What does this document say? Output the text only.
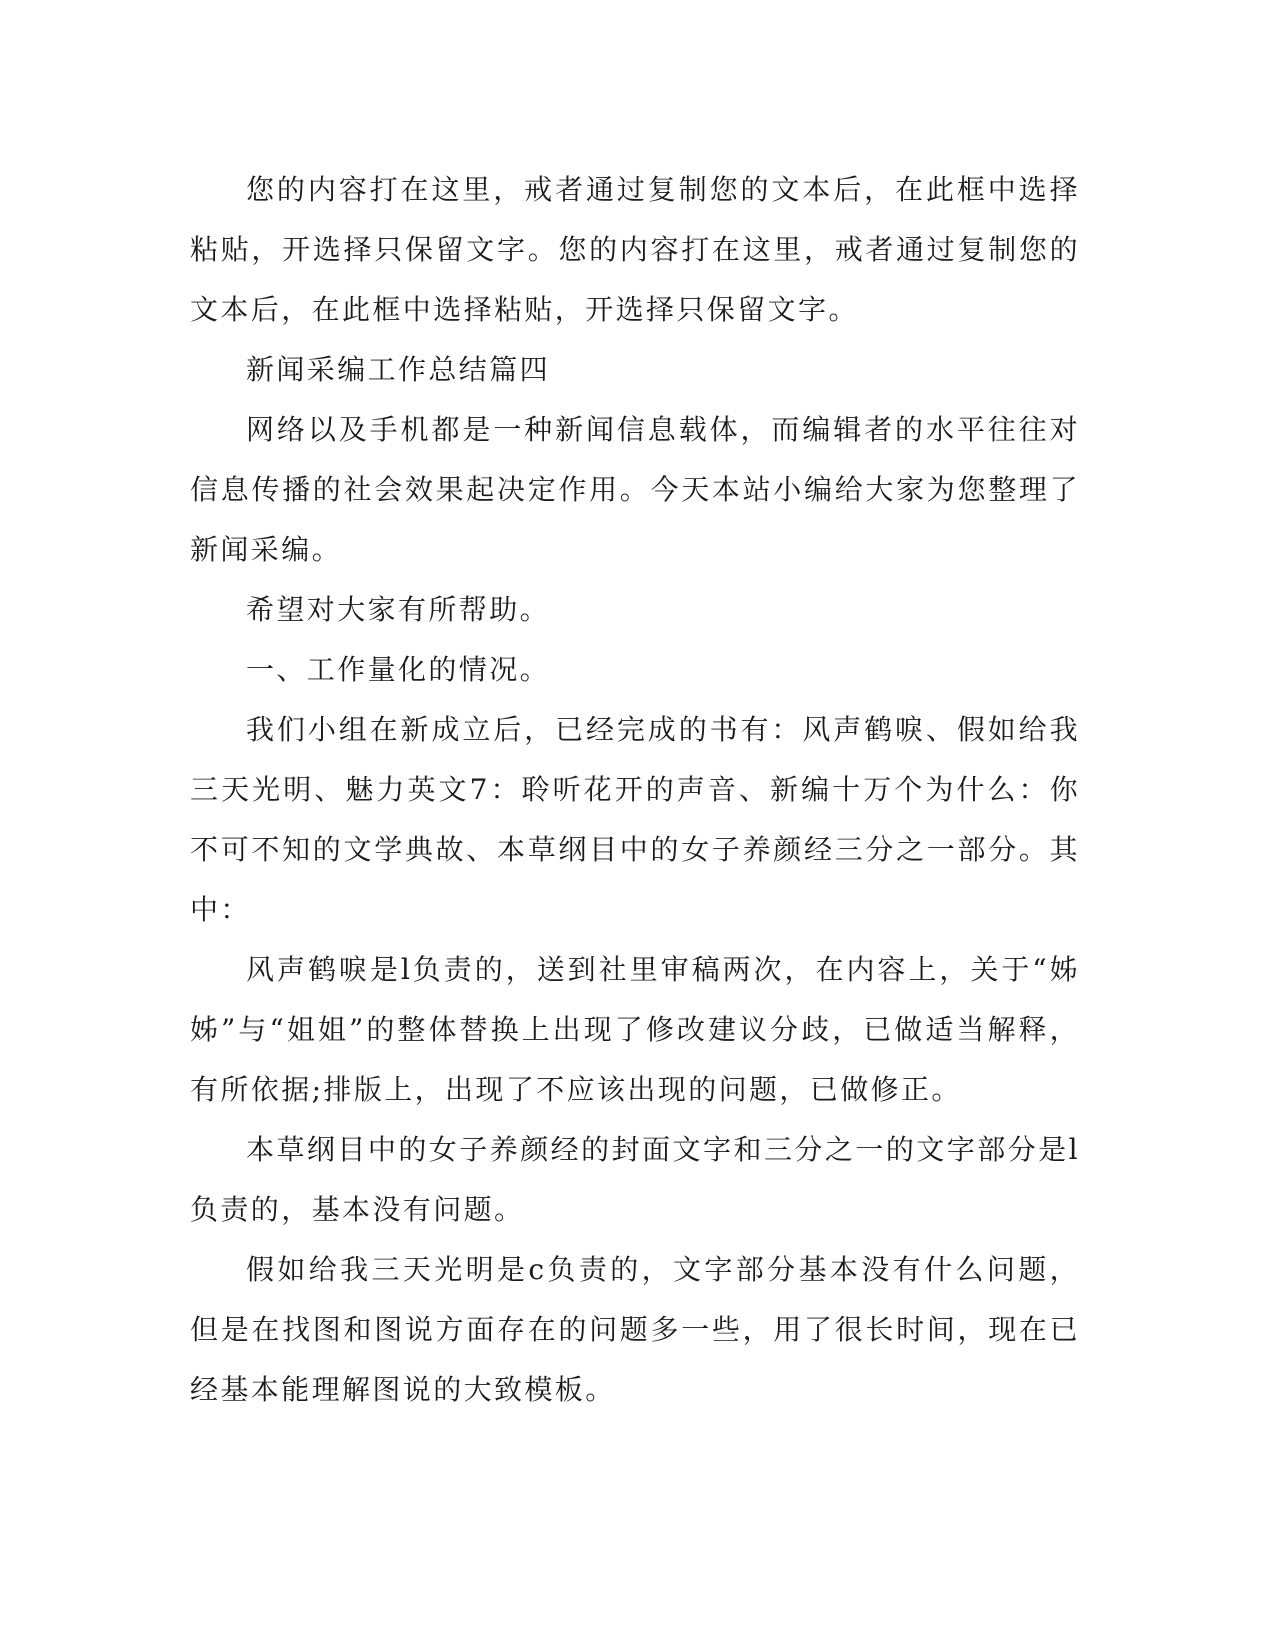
您的内容打在这里，戒者通过复制您的文本后，在此框中选择粘贴，开选择只保留文字。您的内容打在这里，戒者通过复制您的文本后，在此框中选择粘贴，开选择只保留文字。

新闻采编工作总结篇四

网络以及手机都是一种新闻信息载体，而编辑者的水平往往对信息传播的社会效果起决定作用。今天本站小编给大家为您整理了新闻采编。

希望对大家有所帮助。

一、工作量化的情况。

我们小组在新成立后，已经完成的书有：风声鹤唳、假如给我三天光明、魅力英文7：聆听花开的声音、新编十万个为什么：你不可不知的文学典故、本草纲目中的女子养颜经三分之一部分。其中：

风声鹤唳是l负责的，送到社里审稿两次，在内容上，关于“姊姊”与“姐姐”的整体替换上出现了修改建议分歧，已做适当解释，有所依据;排版上，出现了不应该出现的问题，已做修正。

本草纲目中的女子养颜经的封面文字和三分之一的文字部分是l负责的，基本没有问题。

假如给我三天光明是c负责的，文字部分基本没有什么问题，但是在找图和图说方面存在的问题多一些，用了很长时间，现在已经基本能理解图说的大致模板。
